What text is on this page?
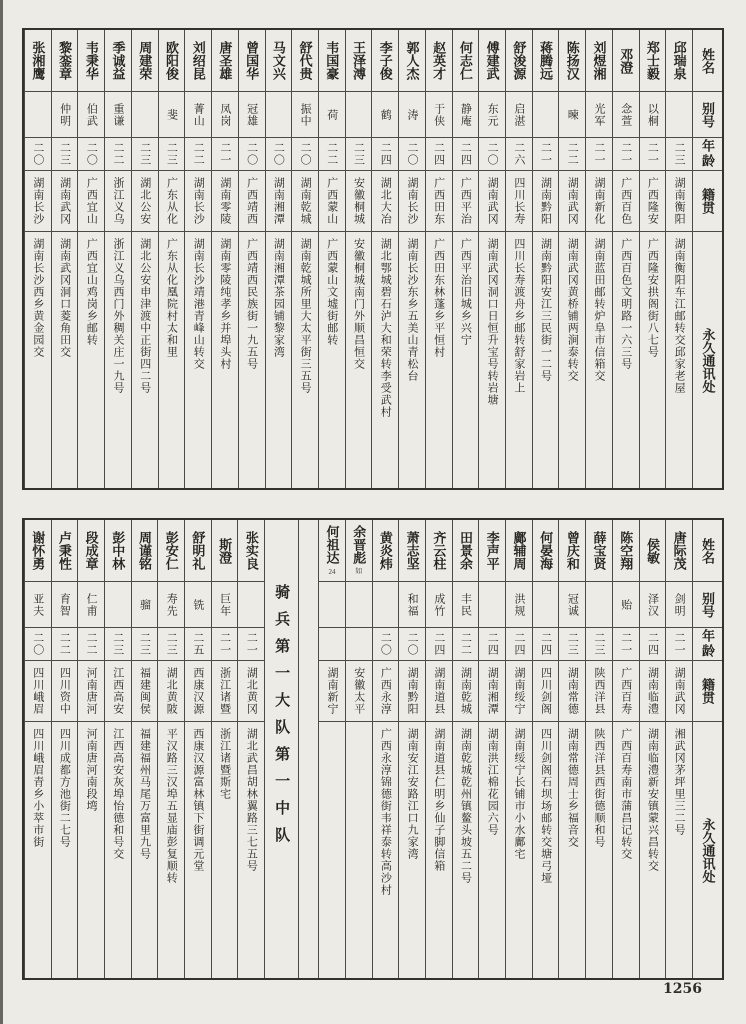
姓名
别号
年龄
籍贯
永久通讯处
邱瑞泉
二三
湖南衡阳
湖南衡阳车江邮转交邱家老屋
郑士毅
以桐
二一
广西隆安
广西隆安拱阁街八七号
邓澄
念萱
二一
广西百色
广西百色文明路一六三号
刘煜湘
光军
二一
湖南新化
湖南蓝田邮转炉阜市信箱交
陈扬汉
暕
二二
湖南武冈
湖南武冈黄桥铺两涧泰转交
蒋腾远
二一
湖南黔阳
湖南黔阳安江三民街一二号
舒浚源
启湛
二六
四川长寿
四川长寿渡舟乡邮转舒家岩上
傅建武
东元
二〇
湖南武冈
湖南武冈洞口日恒升宝号转岩塘
何志仁
静庵
二四
广西平治
广西平治旧城乡兴宁
赵英才
于侠
二四
广西田东
广西田东林蓬乡平恒村
郭人杰
涛
二〇
湖南长沙
湖南长沙东乡五美山青松台
李子俊
鹤
二四
湖北大冶
湖北鄂城碧石泸大和荣转李受武村
王泽溥
二三
安徽桐城
安徽桐城南门外顺昌恒交
韦国豪
荷
二二
广西蒙山
广西蒙山文墟街邮转
舒代贵
振中
二〇
湖南乾城
湖南乾城所里大太平街三五号
马文兴
二〇
湖南湘潭
湖南湘潭茶园铺黎家湾
曾国华
冠雄
二〇
广西靖西
广西靖西民族街一九五号
唐圣雄
凤岗
二一
湖南零陵
湖南零陵纯孝乡并埠头村
刘绍昆
菁山
二二
湖南长沙
湖南长沙靖港青峰山转交
欧阳俊
斐
二三
广东从化
广东从化凰院村太和里
周建荣
二三
湖北公安
湖北公安申津渡中正街四二号
季诚益
重谦
二二
浙江义乌
浙江义乌西门外稠关庄一九号
韦秉华
伯武
二〇
广西宜山
广西宜山鸡岗乡邮转
黎銮章
仲明
二三
湖南武冈
湖南武冈洞口菱角田交
张湘鹰
二〇
湖南长沙
湖南长沙西乡黄金园交
姓名
别号
年龄
籍贯
永久通讯处
唐际茂
剑明
二一
湖南武冈
湘武冈茅坪里三二号
侯敏
泽汉
二四
湖南临澧
湖南临澧新安镇蒙兴昌转交
陈空翔
贻
二一
广西百寿
广西百寿南市蒲昌记转交
薛宝贤
二三
陕西洋县
陕西洋县西街德顺和号
曾庆和
冠诚
二三
湖南常德
湖南常德周士乡福音交
何晏海
二四
四川剑阁
四川剑阁石坝场邮转交塘弓垭
鄺辅周
洪规
二四
湖南绥宁
湖南绥宁长铺市小水鄺宅
李声平
二四
湖南湘潭
湖南洪江棉花园六号
田景余
丰民
二二
湖南乾城
湖南乾城乾州镇鳌头坡五二号
齐云柱
成竹
二四
湖南道县
湖南道县仁明乡仙子脚信箱
萧志坚
和福
二〇
湖南黔阳
湖南安江安路江口九家湾
黄炎炜
二〇
广西永淳
广西永淳锦德街韦祥泰转高沙村
余晋彪
如
安徽太平
何祖达
24
湖南新宁
骑兵第一大队第一中队
张实良
二一
湖北黄冈
湖北武昌胡林翼路三七五号
斯澄
巨年
二一
浙江诸暨
浙江诸暨斯宅
舒明礼
铣
二五
西康汉源
西康汉源富林镇下街调元堂
彭安仁
寿先
二三
湖北黄陂
平汉路三汉埠五显庙彭复顺转
周谨铭
骝
二三
福建闽侯
福建福州马尾万富里九号
彭中林
二三
江西高安
江西高安灰埠怡德和号交
段成章
仁甫
二二
河南唐河
河南唐河南段塆
卢秉性
育智
二二
四川资中
四川成都方池街二七号
谢怀勇
亚夫
二〇
四川峨眉
四川峨眉青乡小萃市街
1256
